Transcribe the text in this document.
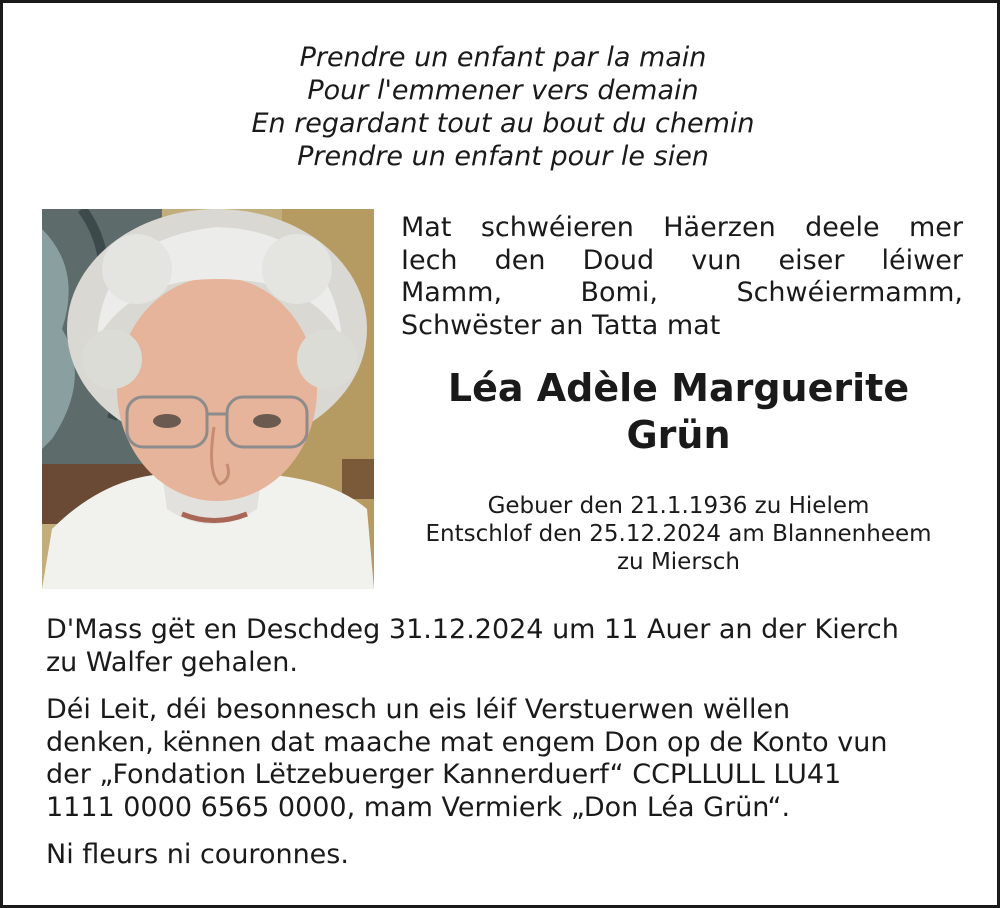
Prendre un enfant par la main
Pour l'emmener vers demain
En regardant tout au bout du chemin
Prendre un enfant pour le sien
Mat schwéieren Häerzen deele mer
Iech den Doud vun eiser léiwer
Mamm,	Bomi,	Schwéiermamm,
Schwëster an Tatta mat
Léa Adèle Marguerite
Grün
Gebuer den 21.1.1936 zu Hielem
Entschlof den 25.12.2024 am Blannenheem
zu Miersch

D'Mass gët en Deschdeg 31.12.2024 um 11 Auer an der Kierch
zu Walfer gehalen.

Déi Leit, déi besonnesch un eis léif Verstuerwen wëllen
denken, kënnen dat maache mat engem Don op de Konto vun
der „Fondation Lëtzebuerger Kannerduerf“ CCPLLULL LU41
1111 0000 6565 0000, mam Vermierk „Don Léa Grün“.

Ni fleurs ni couronnes.
